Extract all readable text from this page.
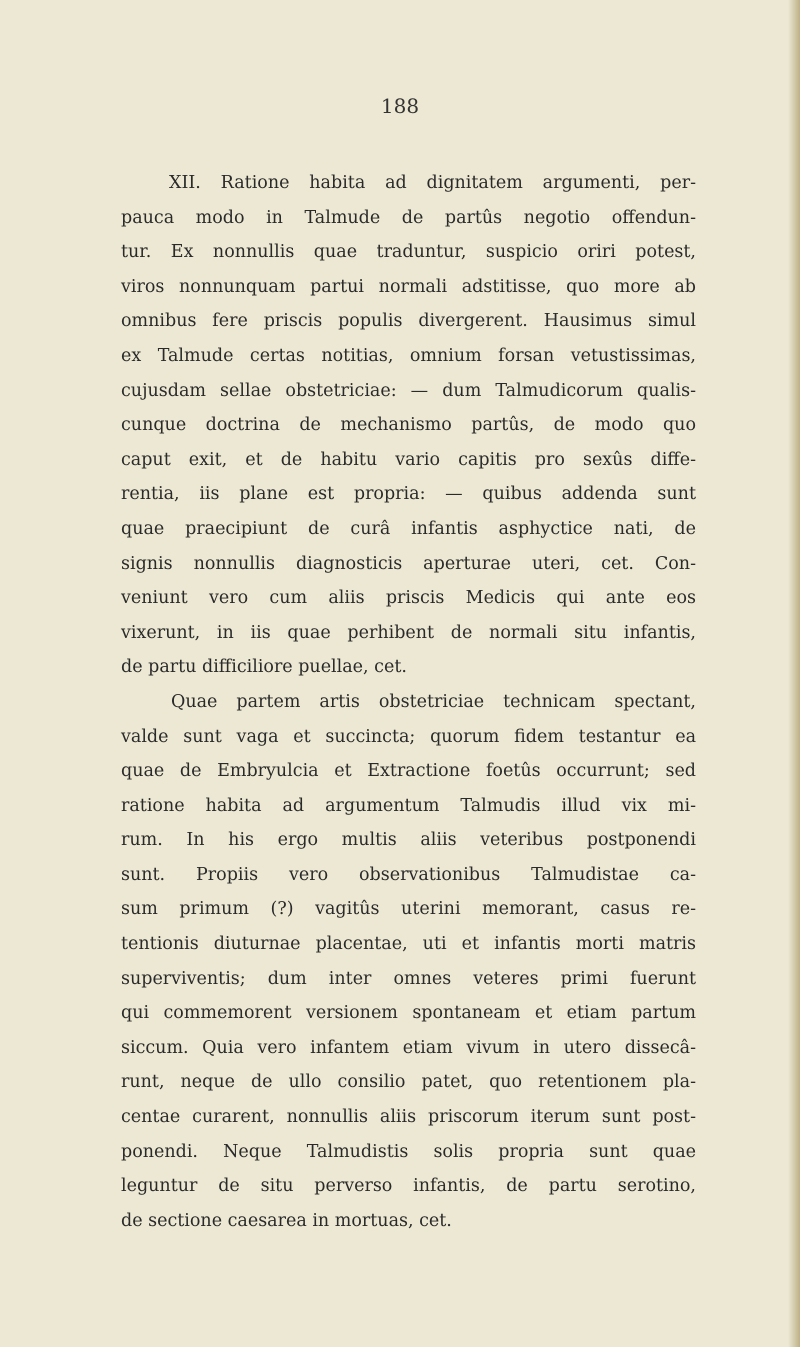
188
XII. Ratione habita ad dignitatem argumenti, per-
pauca modo in Talmude de partûs negotio offendun-
tur. Ex nonnullis quae traduntur, suspicio oriri potest,
viros nonnunquam partui normali adstitisse, quo more ab
omnibus fere priscis populis divergerent. Hausimus simul
ex Talmude certas notitias, omnium forsan vetustissimas,
cujusdam sellae obstetriciae: — dum Talmudicorum qualis-
cunque doctrina de mechanismo partûs, de modo quo
caput exit, et de habitu vario capitis pro sexûs diffe-
rentia, iis plane est propria: — quibus addenda sunt
quae praecipiunt de curâ infantis asphyctice nati, de
signis nonnullis diagnosticis aperturae uteri, cet. Con-
veniunt vero cum aliis priscis Medicis qui ante eos
vixerunt, in iis quae perhibent de normali situ infantis,
de partu difficiliore puellae, cet.
Quae partem artis obstetriciae technicam spectant,
valde sunt vaga et succincta; quorum fidem testantur ea
quae de Embryulcia et Extractione foetûs occurrunt; sed
ratione habita ad argumentum Talmudis illud vix mi-
rum. In his ergo multis aliis veteribus postponendi
sunt. Propiis vero observationibus Talmudistae ca-
sum primum (?) vagitûs uterini memorant, casus re-
tentionis diuturnae placentae, uti et infantis morti matris
superviventis; dum inter omnes veteres primi fuerunt
qui commemorent versionem spontaneam et etiam partum
siccum. Quia vero infantem etiam vivum in utero dissecâ-
runt, neque de ullo consilio patet, quo retentionem pla-
centae curarent, nonnullis aliis priscorum iterum sunt post-
ponendi. Neque Talmudistis solis propria sunt quae
leguntur de situ perverso infantis, de partu serotino,
de sectione caesarea in mortuas, cet.
